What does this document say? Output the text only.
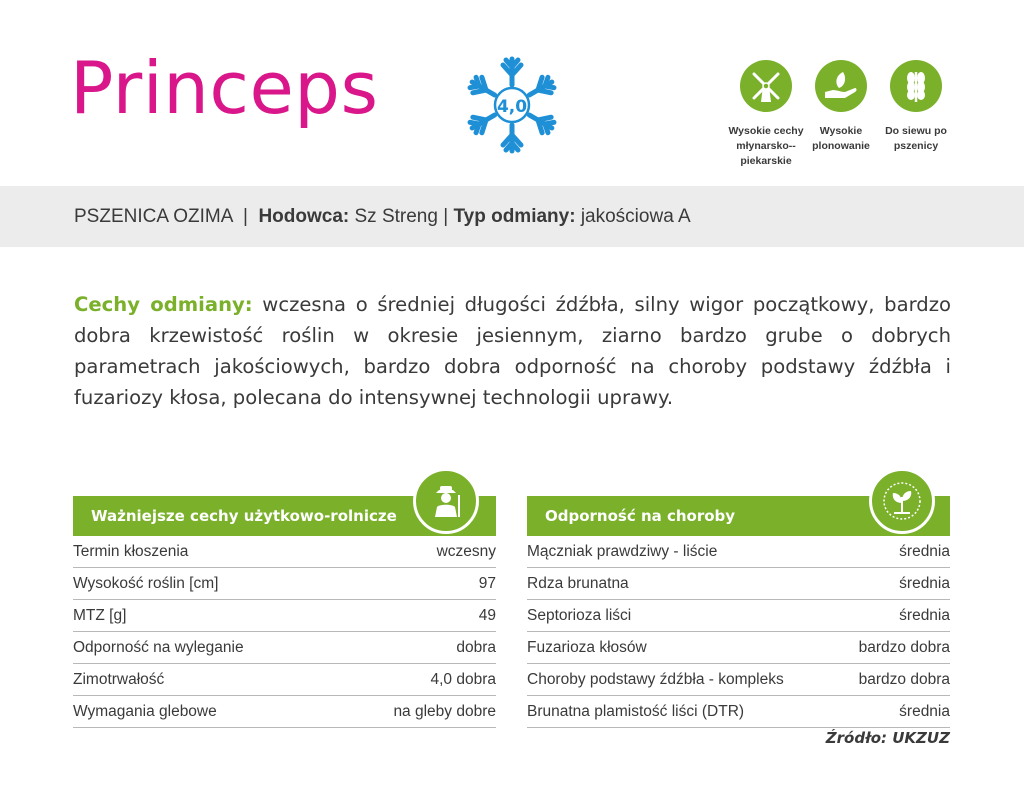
Princeps	4,0
Wysokie cechy młynarsko--piekarskie
Wysokie plonowanie
Do siewu po pszenicy
PSZENICA OZIMA | Hodowca: Sz Streng | Typ odmiany: jakościowa A
Cechy odmiany: wczesna o średniej długości źdźbła, silny wigor początkowy, bardzo dobra krzewistość roślin w okresie jesiennym, ziarno bardzo grube o dobrych parametrach jakościowych, bardzo dobra odporność na choroby podstawy źdźbła i fuzariozy kłosa, polecana do intensywnej technologii uprawy.
Ważniejsze cechy użytkowo-rolnicze
Termin kłoszenia	wczesny
Wysokość roślin [cm]	97
MTZ [g]	49
Odporność na wyleganie	dobra
Zimotrwałość	4,0 dobra
Wymagania glebowe	na gleby dobre
Odporność na choroby
Mączniak prawdziwy - liście	średnia
Rdza brunatna	średnia
Septorioza liści	średnia
Fuzarioza kłosów	bardzo dobra
Choroby podstawy źdźbła - kompleks	bardzo dobra
Brunatna plamistość liści (DTR)	średnia
Źródło: UKZUZ
